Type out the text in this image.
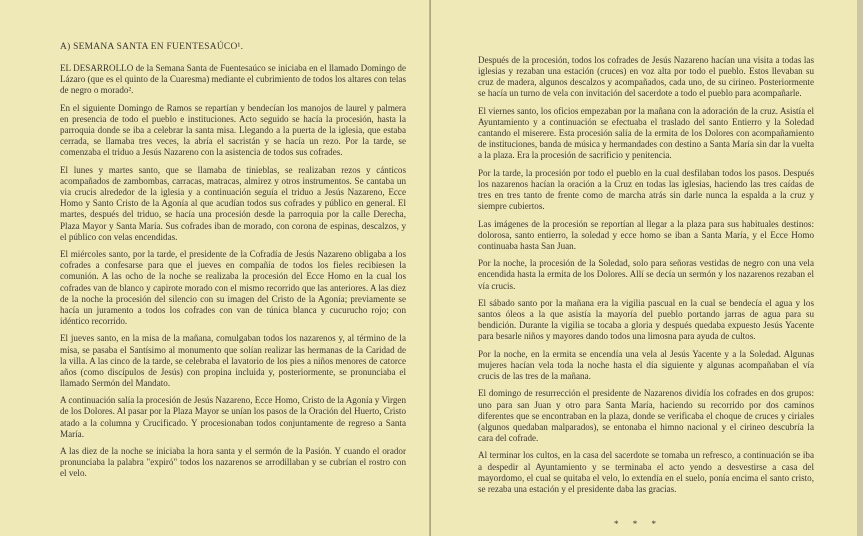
A) SEMANA SANTA EN FUENTESAÚCO¹.

EL DESARROLLO de la Semana Santa de Fuentesaúco se iniciaba en el llamado Domingo de Lázaro (que es el quinto de la Cuaresma) mediante el cubrimiento de todos los altares con telas de negro o morado².

En el siguiente Domingo de Ramos se repartían y bendecían los manojos de laurel y palmera en presencia de todo el pueblo e instituciones. Acto seguido se hacía la procesión, hasta la parroquia donde se iba a celebrar la santa misa. Llegando a la puerta de la iglesia, que estaba cerrada, se llamaba tres veces, la abría el sacristán y se hacía un rezo. Por la tarde, se comenzaba el triduo a Jesús Nazareno con la asistencia de todos sus cofrades.

El lunes y martes santo, que se llamaba de tinieblas, se realizaban rezos y cánticos acompañados de zambombas, carracas, matracas, almirez y otros instrumentos. Se cantaba un via crucis alrededor de la iglesia y a continuación seguía el triduo a Jesús Nazareno, Ecce Homo y Santo Cristo de la Agonía al que acudían todos sus cofrades y público en general. El martes, después del triduo, se hacía una procesión desde la parroquia por la calle Derecha, Plaza Mayor y Santa María. Sus cofrades iban de morado, con corona de espinas, descalzos, y el público con velas encendidas.

El miércoles santo, por la tarde, el presidente de la Cofradía de Jesús Nazareno obligaba a los cofrades a confesarse para que el jueves en compañía de todos los fieles recibiesen la comunión. A las ocho de la noche se realizaba la procesión del Ecce Homo en la cual los cofrades van de blanco y capirote morado con el mismo recorrido que las anteriores. A las diez de la noche la procesión del silencio con su imagen del Cristo de la Agonía; previamente se hacía un juramento a todos los cofrades con van de túnica blanca y cucurucho rojo; con idéntico recorrido.

El jueves santo, en la misa de la mañana, comulgaban todos los nazarenos y, al término de la misa, se pasaba el Santísimo al monumento que solían realizar las hermanas de la Caridad de la villa. A las cinco de la tarde, se celebraba el lavatorio de los pies a niños menores de catorce años (como discípulos de Jesús) con propina incluida y, posteriormente, se pronunciaba el llamado Sermón del Mandato.

A continuación salía la procesión de Jesús Nazareno, Ecce Homo, Cristo de la Agonía y Virgen de los Dolores. Al pasar por la Plaza Mayor se unían los pasos de la Oración del Huerto, Cristo atado a la columna y Crucificado. Y procesionaban todos conjuntamente de regreso a Santa María.

A las diez de la noche se iniciaba la hora santa y el sermón de la Pasión. Y cuando el orador pronunciaba la palabra "expiró" todos los nazarenos se arrodillaban y se cubrían el rostro con el velo.

Después de la procesión, todos los cofrades de Jesús Nazareno hacían una visita a todas las iglesias y rezaban una estación (cruces) en voz alta por todo el pueblo. Estos llevaban su cruz de madera, algunos descalzos y acompañados, cada uno, de su cirineo. Posteriormente se hacía un turno de vela con invitación del sacerdote a todo el pueblo para acompañarle.

El viernes santo, los oficios empezaban por la mañana con la adoración de la cruz. Asistía el Ayuntamiento y a continuación se efectuaba el traslado del santo Entierro y la Soledad cantando el miserere. Esta procesión salía de la ermita de los Dolores con acompañamiento de instituciones, banda de música y hermandades con destino a Santa María sin dar la vuelta a la plaza. Era la procesión de sacrificio y penitencia.

Por la tarde, la procesión por todo el pueblo en la cual desfilaban todos los pasos. Después los nazarenos hacían la oración a la Cruz en todas las iglesias, haciendo las tres caídas de tres en tres tanto de frente como de marcha atrás sin darle nunca la espalda a la cruz y siempre cubiertos.

Las imágenes de la procesión se reportían al llegar a la plaza para sus habituales destinos: dolorosa, santo entierro, la soledad y ecce homo se iban a Santa María, y el Ecce Homo continuaba hasta San Juan.

Por la noche, la procesión de la Soledad, solo para señoras vestidas de negro con una vela encendida hasta la ermita de los Dolores. Allí se decía un sermón y los nazarenos rezaban el vía crucis.

El sábado santo por la mañana era la vigilia pascual en la cual se bendecía el agua y los santos óleos a la que asistía la mayoría del pueblo portando jarras de agua para su bendición. Durante la vigilia se tocaba a gloria y después quedaba expuesto Jesús Yacente para besarle niños y mayores dando todos una limosna para ayuda de cultos.

Por la noche, en la ermita se encendía una vela al Jesús Yacente y a la Soledad. Algunas mujeres hacían vela toda la noche hasta el día siguiente y algunas acompañaban el vía crucis de las tres de la mañana.

El domingo de resurrección el presidente de Nazarenos dividía los cofrades en dos grupos: uno para san Juan y otro para Santa María, haciendo su recorrido por dos caminos diferentes que se encontraban en la plaza, donde se verificaba el choque de cruces y ciriales (algunos quedaban malparados), se entonaba el himno nacional y el cirineo descubría la cara del cofrade.

Al terminar los cultos, en la casa del sacerdote se tomaba un refresco, a continuación se iba a despedir al Ayuntamiento y se terminaba el acto yendo a desvestirse a casa del mayordomo, el cual se quitaba el velo, lo extendía en el suelo, ponía encima el santo cristo, se rezaba una estación y el presidente daba las gracias.

* * *
